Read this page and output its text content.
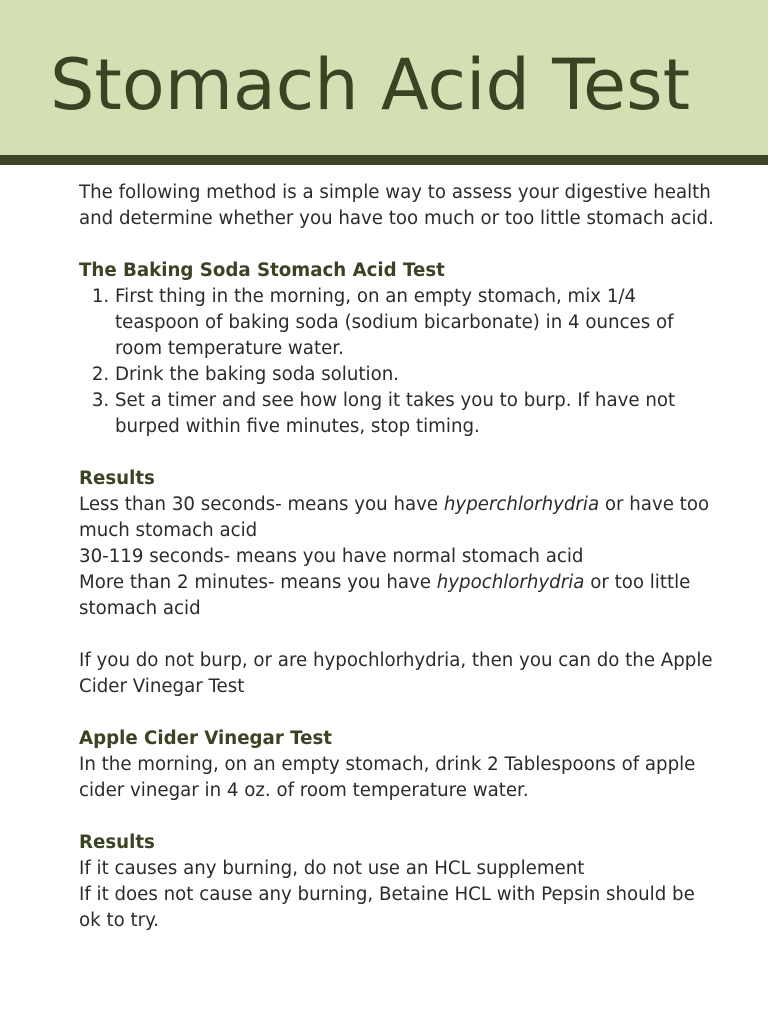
Stomach Acid Test

The following method is a simple way to assess your digestive health and determine whether you have too much or too little stomach acid.

The Baking Soda Stomach Acid Test

1. First thing in the morning, on an empty stomach, mix 1/4 teaspoon of baking soda (sodium bicarbonate) in 4 ounces of room temperature water.
2. Drink the baking soda solution.
3. Set a timer and see how long it takes you to burp. If have not burped within five minutes, stop timing.

Results

Less than 30 seconds- means you have hyperchlorhydria or have too much stomach acid

30-119 seconds- means you have normal stomach acid

More than 2 minutes- means you have hypochlorhydria or too little stomach acid

If you do not burp, or are hypochlorhydria, then you can do the Apple Cider Vinegar Test

Apple Cider Vinegar Test

In the morning, on an empty stomach, drink 2 Tablespoons of apple cider vinegar in 4 oz. of room temperature water.

Results

If it causes any burning, do not use an HCL supplement

If it does not cause any burning, Betaine HCL with Pepsin should be ok to try.
